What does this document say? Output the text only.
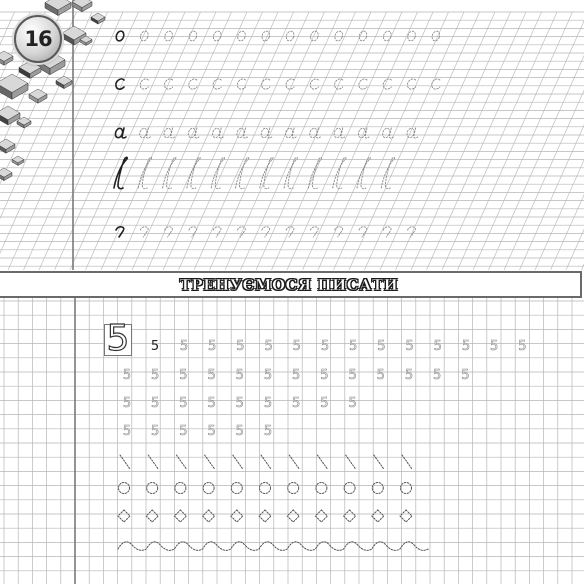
16
ТРЕНУЄМОСЯ ПИСАТИ
5 5 5 5 5 5 5 5 5 5 5 5 5 5 5
5 5 5 5 5 5 5 5 5 5 5 5 5
5 5 5 5 5 5 5 5 5
5 5 5 5 5 5
